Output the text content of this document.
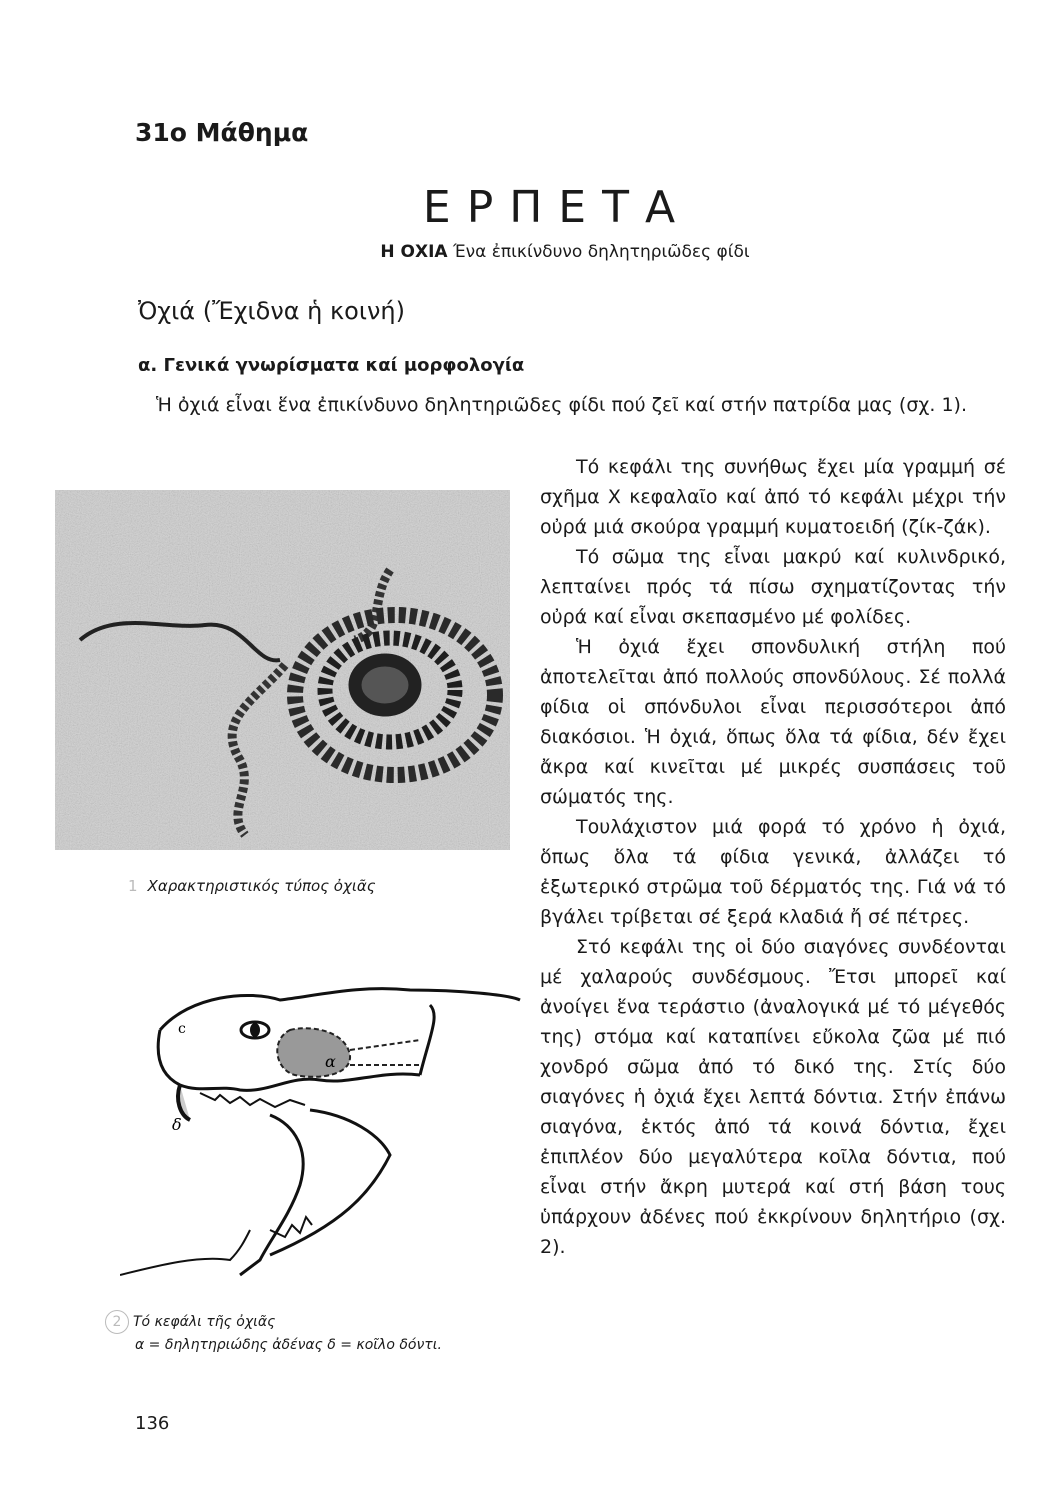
31ο Μάθημα
ΕΡΠΕΤΑ
Η ΟΧΙΑ Ένα ἐπικίνδυνο δηλητηριῶδες φίδι
Ὀχιά (Ἔχιδνα ἡ κοινή)
α. Γενικά γνωρίσματα καί μορφολογία
Ἡ ὀχιά εἶναι ἕνα ἐπικίνδυνο δηλητηριῶδες φίδι πού ζεῖ καί στήν πατρίδα μας (σχ. 1).

Τό κεφάλι της συνήθως ἔχει μία γραμμή σέ σχῆμα Χ κεφαλαῖο καί ἀπό τό κεφάλι μέχρι τήν οὐρά μιά σκούρα γραμμή κυματοειδή (ζίκ-ζάκ).

Τό σῶμα της εἶναι μακρύ καί κυλινδρικό, λεπταίνει πρός τά πίσω σχηματίζοντας τήν οὐρά καί εἶναι σκεπασμένο μέ φολίδες.

Ἡ ὀχιά ἔχει σπονδυλική στήλη πού ἀποτελεῖται ἀπό πολλούς σπονδύλους. Σέ πολλά φίδια οἱ σπόνδυλοι εἶναι περισσότεροι ἀπό διακόσιοι. Ἡ ὀχιά, ὅπως ὅλα τά φίδια, δέν ἔχει ἄκρα καί κινεῖται μέ μικρές συσπάσεις τοῦ σώματός της.

Τουλάχιστον μιά φορά τό χρόνο ἡ ὀχιά, ὅπως ὅλα τά φίδια γενικά, ἀλλάζει τό ἐξωτερικό στρῶμα τοῦ δέρματός της. Γιά νά τό βγάλει τρίβεται σέ ξερά κλαδιά ἤ σέ πέτρες.

Στό κεφάλι της οἱ δύο σιαγόνες συνδέονται μέ χαλαρούς συνδέσμους. Ἔτσι μπορεῖ καί ἀνοίγει ἕνα τεράστιο (ἀναλογικά μέ τό μέγεθός της) στόμα καί καταπίνει εὔκολα ζῶα μέ πιό χονδρό σῶμα ἀπό τό δικό της. Στίς δύο σιαγόνες ἡ ὀχιά ἔχει λεπτά δόντια. Στήν ἐπάνω σιαγόνα, ἐκτός ἀπό τά κοινά δόντια, ἔχει ἐπιπλέον δύο μεγαλύτερα κοῖλα δόντια, πού εἶναι στήν ἄκρη μυτερά καί στή βάση τους ὑπάρχουν ἀδένες πού ἐκκρίνουν δηλητήριο (σχ. 2).

1 Χαρακτηριστικός τύπος ὀχιᾶς
α
δ
c
2 Τό κεφάλι τῆς ὀχιᾶς
α = δηλητηριώδης ἀδένας δ = κοῖλο δόντι.
136
